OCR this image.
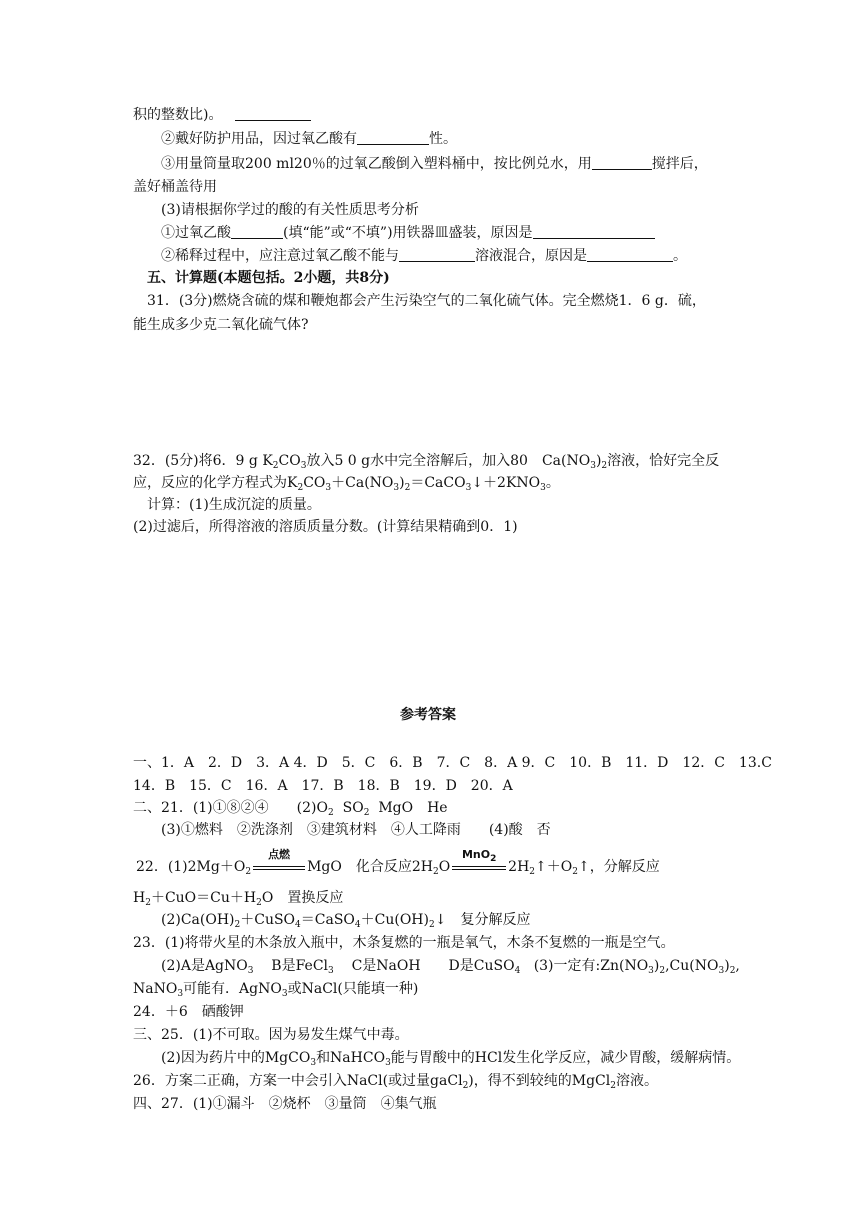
积的整数比)。
②戴好防护用品，因过氧乙酸有	性。
③用量筒量取200 ml20％的过氧乙酸倒入塑料桶中，按比例兑水，用	搅拌后，
盖好桶盖待用
(3)请根据你学过的酸的有关性质思考分析
①过氧乙酸	(填“能”或“不填”)用铁器皿盛装，原因是
②稀释过程中，应注意过氧乙酸不能与	溶液混合，原因是	。
五、计算题(本题包括。2小题，共8分)
31．(3分)燃烧含硫的煤和鞭炮都会产生污染空气的二氧化硫气体。完全燃烧1．6 g．硫，
能生成多少克二氧化硫气体?
32．(5分)将6．9 g $K_2CO_3$放入5 0 g水中完全溶解后，加入80　$Ca(NO_3)_2$溶液，恰好完全反
应，反应的化学方程式为$K_2CO_3+Ca(NO_3)_2=CaCO_3↓+2KNO_3$。
计算：(1)生成沉淀的质量。
(2)过滤后，所得溶液的溶质质量分数。(计算结果精确到0．1)
参考答案
一、1．A　2．D　3．A 4．D　5．C　6．B　7．C　8．A 9．C　10．B　11．D　12．C　13.C
14．B　15．C　16．A　17．B　18．B　19．D　20．A
二、21．(1)①⑧②④　　$(2)O_2$ $SO_2$ MgO　He
(3)①燃料　②洗涤剂　③建筑材料　④人工降雨　　(4)酸　否
22．$(1)2Mg+O_2$
点燃
MgO　化合反应$2H_2O$
MnO$_2$ $2H_2↑+O_2↑$，分解反应
$H_2+CuO=Cu+H_2O$　置换反应
$(2)Ca(OH)_2+CuSO_4=CaSO_4+Cu(OH)_2↓$　复分解反应
23．(1)将带火星的木条放入瓶中，木条复燃的一瓶是氧气，木条不复燃的一瓶是空气。
(2)A是AgNO$_3$ B是FeCl$_3$ C是NaOH　　D是CuSO$_4$ (3)一定有$:Zn(NO_3)_2,Cu(NO_3)_2$,
NaNO$_3$可能有．AgNO$_3$或NaCl(只能填一种)
24．＋6　硒酸钾
三、25．(1)不可取。因为易发生煤气中毒。
(2)因为药片中的MgCO$_3$和NaHCO$_3$能与胃酸中的HCl发生化学反应，减少胃酸，缓解病情。
26．方案二正确，方案一中会引入NaCl(或过量gaCl$_2$)，得不到较纯的MgCl$_2$溶液。
四、27．(1)①漏斗　②烧杯　③量筒　④集气瓶
